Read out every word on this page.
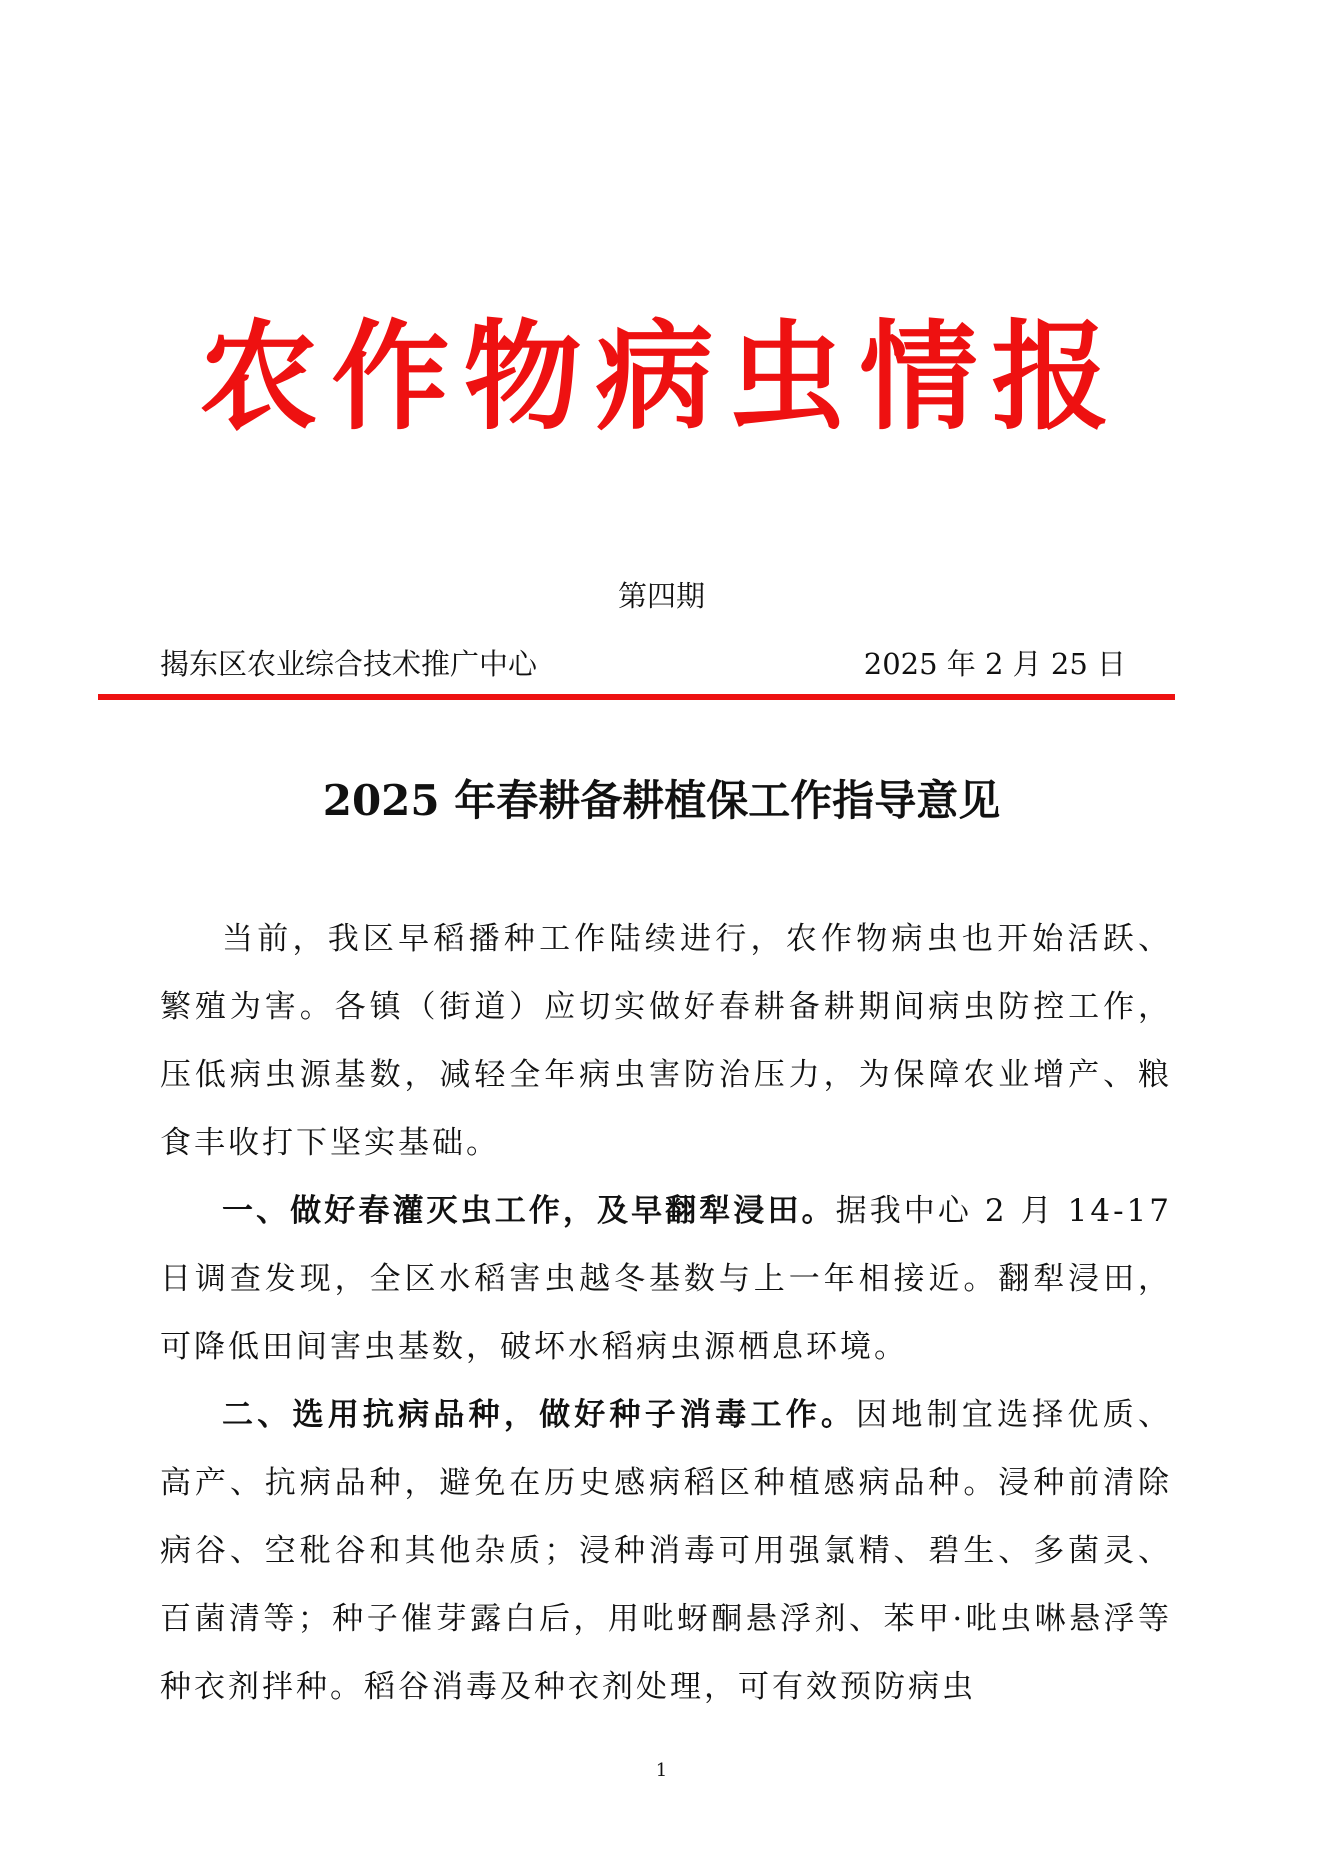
农作物病虫情报
第四期
揭东区农业综合技术推广中心	2025 年 2 月 25 日
2025 年春耕备耕植保工作指导意见

当前，我区早稻播种工作陆续进行，农作物病虫也开始活跃、繁殖为害。各镇（街道）应切实做好春耕备耕期间病虫防控工作，压低病虫源基数，减轻全年病虫害防治压力，为保障农业增产、粮食丰收打下坚实基础。

一、做好春灌灭虫工作，及早翻犁浸田。据我中心 2 月 14-17 日调查发现，全区水稻害虫越冬基数与上一年相接近。翻犁浸田，可降低田间害虫基数，破坏水稻病虫源栖息环境。

二、选用抗病品种，做好种子消毒工作。因地制宜选择优质、高产、抗病品种，避免在历史感病稻区种植感病品种。浸种前清除病谷、空秕谷和其他杂质；浸种消毒可用强氯精、碧生、多菌灵、百菌清等；种子催芽露白后，用吡蚜酮悬浮剂、苯甲·吡虫啉悬浮等种衣剂拌种。稻谷消毒及种衣剂处理，可有效预防病虫

1
